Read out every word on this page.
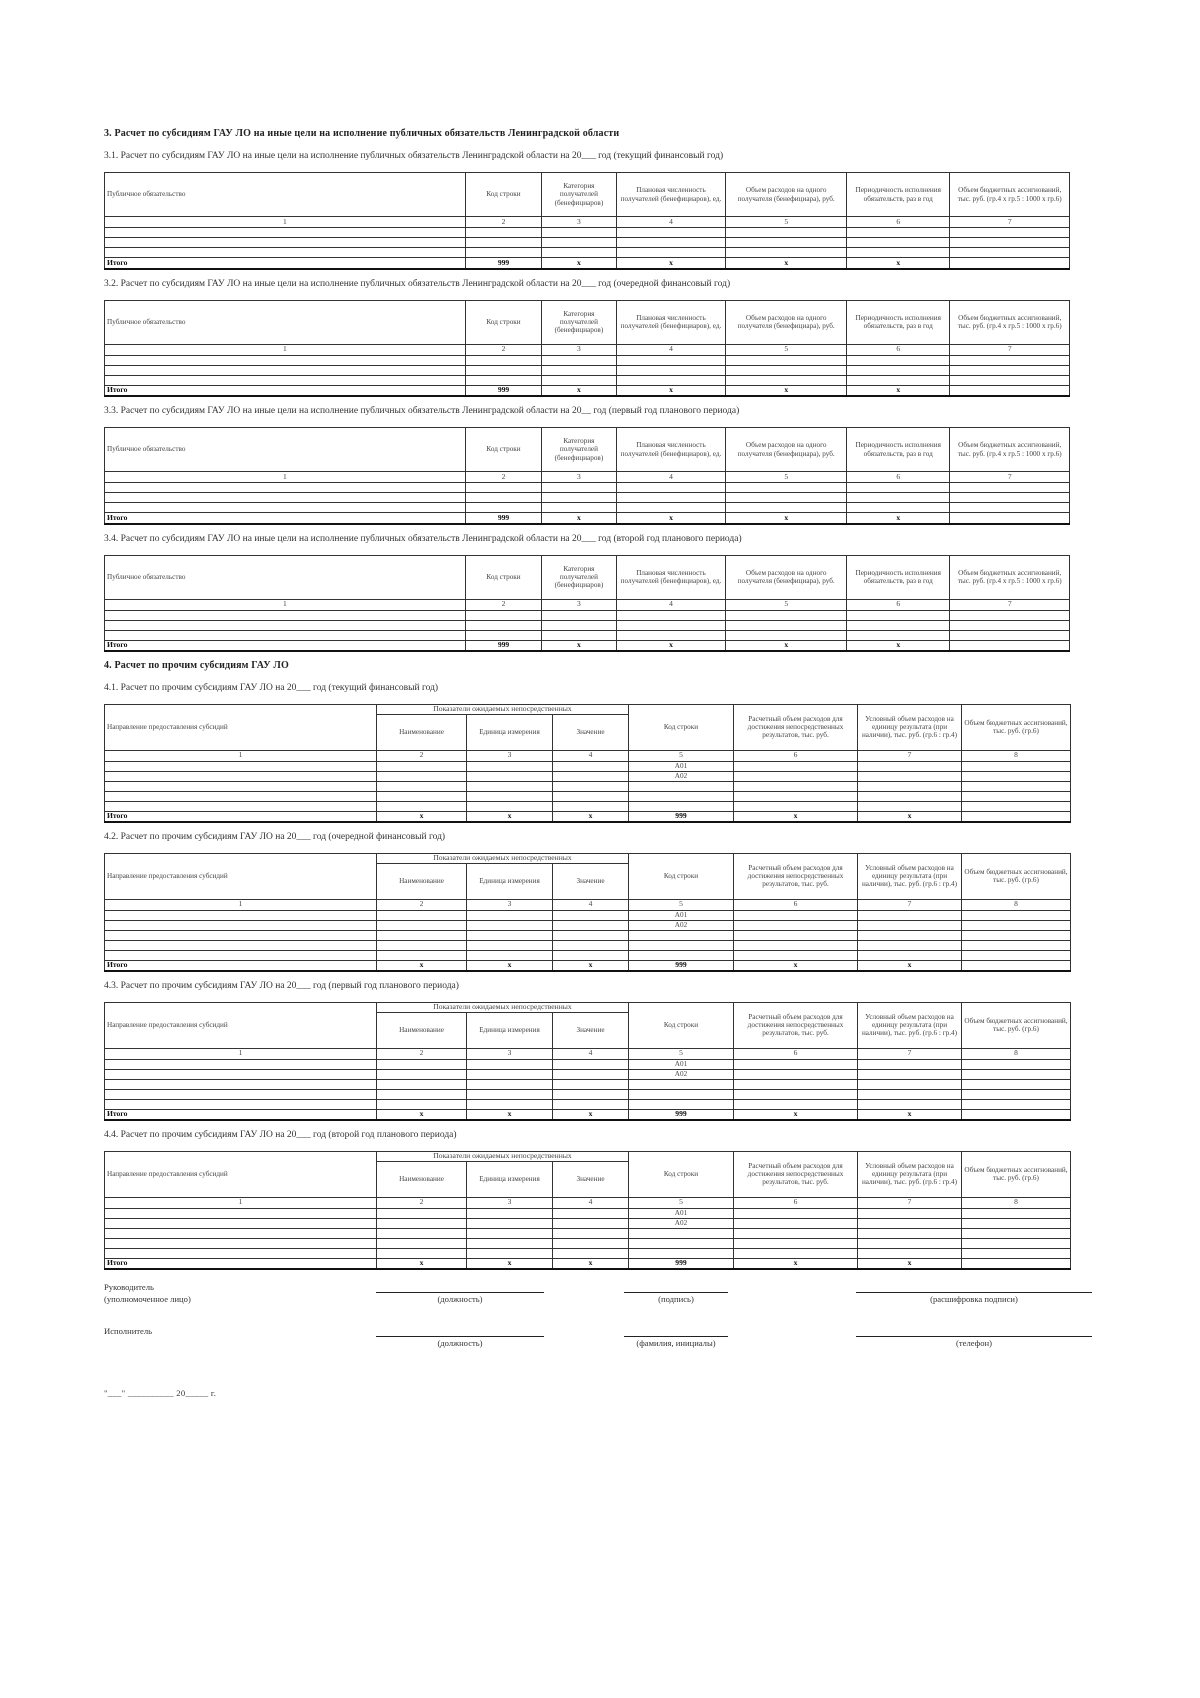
3. Расчет по субсидиям ГАУ ЛО на иные цели на исполнение публичных обязательств Ленинградской области
3.1. Расчет по субсидиям ГАУ ЛО на иные цели на исполнение публичных обязательств Ленинградской области на 20___ год (текущий финансовый год)
Публичное обязательство	Код строки	Категория получателей (бенефициаров)	Плановая численность получателей (бенефициаров), ед.	Объем расходов на одного получателя (бенефициара), руб.	Периодичность исполнения обязательств, раз в год	Объем бюджетных ассигнований, тыс. руб. (гр.4 х гр.5 : 1000 х гр.6)
1	2	3	4	5	6	7

Итого	999	х	х	х	х	
3.2. Расчет по субсидиям ГАУ ЛО на иные цели на исполнение публичных обязательств Ленинградской области на 20___ год (очередной финансовый год)
Публичное обязательство	Код строки	Категория получателей (бенефициаров)	Плановая численность получателей (бенефициаров), ед.	Объем расходов на одного получателя (бенефициара), руб.	Периодичность исполнения обязательств, раз в год	Объем бюджетных ассигнований, тыс. руб. (гр.4 х гр.5 : 1000 х гр.6)
1	2	3	4	5	6	7

Итого	999	х	х	х	х	
3.3. Расчет по субсидиям ГАУ ЛО на иные цели на исполнение публичных обязательств Ленинградской области на 20__ год (первый год планового периода)
Публичное обязательство	Код строки	Категория получателей (бенефициаров)	Плановая численность получателей (бенефициаров), ед.	Объем расходов на одного получателя (бенефициара), руб.	Периодичность исполнения обязательств, раз в год	Объем бюджетных ассигнований, тыс. руб. (гр.4 х гр.5 : 1000 х гр.6)
1	2	3	4	5	6	7

Итого	999	х	х	х	х	
3.4. Расчет по субсидиям ГАУ ЛО на иные цели на исполнение публичных обязательств Ленинградской области на 20___ год (второй год планового периода)
Публичное обязательство	Код строки	Категория получателей (бенефициаров)	Плановая численность получателей (бенефициаров), ед.	Объем расходов на одного получателя (бенефициара), руб.	Периодичность исполнения обязательств, раз в год	Объем бюджетных ассигнований, тыс. руб. (гр.4 х гр.5 : 1000 х гр.6)
1	2	3	4	5	6	7

Итого	999	х	х	х	х	
4. Расчет по прочим субсидиям ГАУ ЛО
4.1. Расчет по прочим субсидиям ГАУ ЛО на 20___ год (текущий финансовый год)
Направление предоставления субсидий	Показатели ожидаемых непосредственных			Код строки	Расчетный объем расходов для достижения непосредственных результатов, тыс. руб.	Условный объем расходов на единицу результата (при наличии), тыс. руб. (гр.6 : гр.4)	Объем бюджетных ассигнований, тыс. руб. (гр.6)
	Наименование	Единица измерения	Значение				
1	2	3	4	5	6	7	8
				А01			
				А02			

Итого	х	х	х	999	х	х	
4.2. Расчет по прочим субсидиям ГАУ ЛО на 20___ год (очередной финансовый год)
Направление предоставления субсидий	Показатели ожидаемых непосредственных			Код строки	Расчетный объем расходов для достижения непосредственных результатов, тыс. руб.	Условный объем расходов на единицу результата (при наличии), тыс. руб. (гр.6 : гр.4)	Объем бюджетных ассигнований, тыс. руб. (гр.6)
	Наименование	Единица измерения	Значение				
1	2	3	4	5	6	7	8
				А01			
				А02			

Итого	х	х	х	999	х	х	
4.3. Расчет по прочим субсидиям ГАУ ЛО на 20___ год (первый год планового периода)
Направление предоставления субсидий	Показатели ожидаемых непосредственных			Код строки	Расчетный объем расходов для достижения непосредственных результатов, тыс. руб.	Условный объем расходов на единицу результата (при наличии), тыс. руб. (гр.6 : гр.4)	Объем бюджетных ассигнований, тыс. руб. (гр.6)
	Наименование	Единица измерения	Значение				
1	2	3	4	5	6	7	8
				А01			
				А02			

Итого	х	х	х	999	х	х	
4.4. Расчет по прочим субсидиям ГАУ ЛО на 20___ год (второй год планового периода)
Направление предоставления субсидий	Показатели ожидаемых непосредственных			Код строки	Расчетный объем расходов для достижения непосредственных результатов, тыс. руб.	Условный объем расходов на единицу результата (при наличии), тыс. руб. (гр.6 : гр.4)	Объем бюджетных ассигнований, тыс. руб. (гр.6)
	Наименование	Единица измерения	Значение				
1	2	3	4	5	6	7	8
				А01			
				А02			

Итого	х	х	х	999	х	х	
Руководитель
(уполномоченное лицо)	(должность)	(подпись)	(расшифровка подписи)
Исполнитель
(должность)	(фамилия, инициалы)	(телефон)
"___" __________ 20_____ г.
